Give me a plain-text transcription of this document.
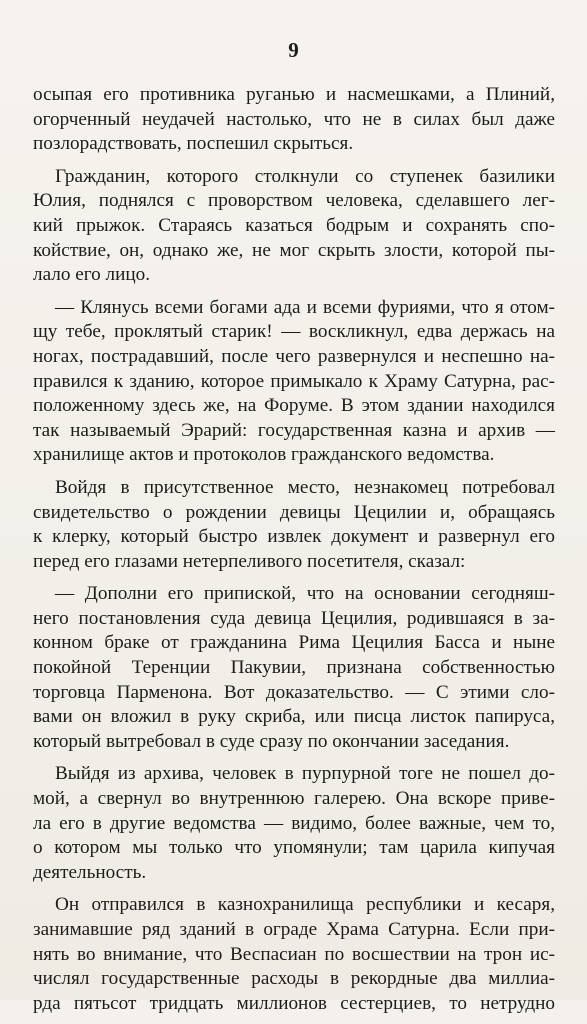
9
осыпая его противника руганью и насмешками, а Плиний,
огорченный неудачей настолько, что не в силах был даже
позлорадствовать, поспешил скрыться.
Гражданин, которого столкнули со ступенек базилики
Юлия, поднялся с проворством человека, сделавшего лег-
кий прыжок. Стараясь казаться бодрым и сохранять спо-
койствие, он, однако же, не мог скрыть злости, которой пы-
лало его лицо.
— Клянусь всеми богами ада и всеми фуриями, что я отом-
щу тебе, проклятый старик! — воскликнул, едва держась на
ногах, пострадавший, после чего развернулся и неспешно на-
правился к зданию, которое примыкало к Храму Сатурна, рас-
положенному здесь же, на Форуме. В этом здании находился
так называемый Эрарий: государственная казна и архив —
хранилище актов и протоколов гражданского ведомства.
Войдя в присутственное место, незнакомец потребовал
свидетельство о рождении девицы Цецилии и, обращаясь
к клерку, который быстро извлек документ и развернул его
перед его глазами нетерпеливого посетителя, сказал:
— Дополни его припиской, что на основании сегодняш-
него постановления суда девица Цецилия, родившаяся в за-
конном браке от гражданина Рима Цецилия Басса и ныне
покойной Теренции Пакувии, признана собственностью
торговца Парменона. Вот доказательство. — С этими сло-
вами он вложил в руку скриба, или писца листок папируса,
который вытребовал в суде сразу по окончании заседания.
Выйдя из архива, человек в пурпурной тоге не пошел до-
мой, а свернул во внутреннюю галерею. Она вскоре приве-
ла его в другие ведомства — видимо, более важные, чем то,
о котором мы только что упомянули; там царила кипучая
деятельность.
Он отправился в казнохранилища республики и кесаря,
занимавшие ряд зданий в ограде Храма Сатурна. Если при-
нять во внимание, что Веспасиан по восшествии на трон ис-
числял государственные расходы в рекордные два миллиа-
рда пятьсот тридцать миллионов сестерциев, то нетрудно
